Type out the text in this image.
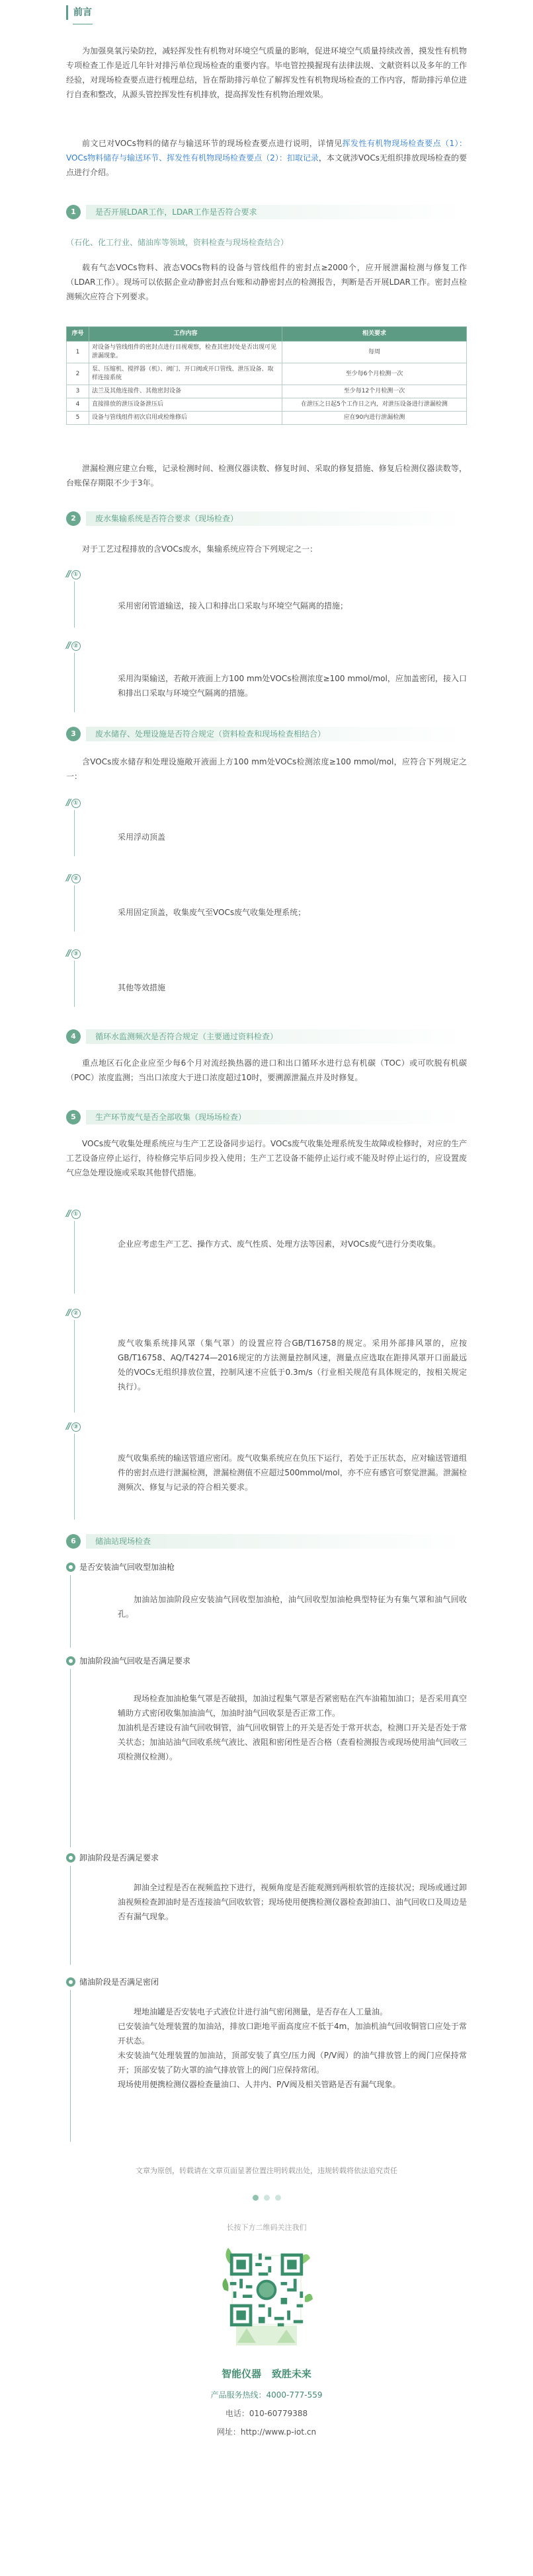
前言
为加强臭氧污染防控，减轻挥发性有机物对环境空气质量的影响，促进环境空气质量持续改善，摸发性有机物专项检查工作是近几年针对排污单位现场检查的重要内容。毕电管控摸握现有法律法规、文献资料以及多年的工作经验，对现场检查要点进行梳理总结，旨在帮助排污单位了解挥发性有机物现场检查的工作内容，帮助排污单位进行自查和整改，从源头管控挥发性有机排放，提高挥发性有机物治理效果。
前文已对VOCs物料的储存与输送环节的现场检查要点进行说明，详情见挥发性有机物现场检查要点（1）：VOCs物料储存与输送环节、挥发性有机物现场检查要点（2）：扣取记录，本文就涉VOCs无组织排放现场检查的要点进行介绍。
1	是否开展LDAR工作，LDAR工作是否符合要求
（石化、化工行业、储油库等领域，资料检查与现场检查结合）
载有气态VOCs物料、液态VOCs物料的设备与管线组件的密封点≥2000个，应开展泄漏检测与修复工作（LDAR工作）。现场可以依据企业动静密封点台账和动静密封点的检测报告，判断是否开展LDAR工作。密封点检测频次应符合下列要求。
序号	工作内容	相关要求
1	对设备与管线组件的密封点进行目视观察，检查其密封处是否出现可见泄漏现象。	每周
2	泵、压缩机、搅拌器（机）、阀门、开口阀或开口管线、泄压设备、取样连接系统	至少每6个月检测一次
3	法兰及其他连接件、其他密封设备	至少每12个月检测一次
4	直接排放的泄压设备泄压后	在泄压之日起5个工作日之内，对泄压设备进行泄漏检测
5	设备与管线组件初次启用或检维修后	应在90内进行泄漏检测
泄漏检测应建立台账，记录检测时间、检测仪器读数、修复时间、采取的修复措施、修复后检测仪器读数等，台账保存期限不少于3年。
2	废水集输系统是否符合要求（现场检查）
对于工艺过程排放的含VOCs废水，集输系统应符合下列规定之一：
// ①
采用密闭管道输送，接入口和排出口采取与环境空气隔离的措施；
// ②
采用沟渠输送，若敞开液面上方100 mm处VOCs检测浓度≥100 mmol/mol，应加盖密闭，接入口和排出口采取与环境空气隔离的措施。
3	废水储存、处理设施是否符合规定（资料检查和现场检查相结合）
含VOCs废水储存和处理设施敞开液面上方100 mm处VOCs检测浓度≥100 mmol/mol，应符合下列规定之一：
// ①
采用浮动顶盖
// ②
采用固定顶盖，收集废气至VOCs废气收集处理系统；
// ③
其他等效措施
4	循环水监测频次是否符合规定（主要通过资料检查）
重点地区石化企业应至少每6个月对流经换热器的进口和出口循环水进行总有机碳（TOC）或可吹脱有机碳（POC）浓度监测；当出口浓度大于进口浓度超过10时，要溯源泄漏点并及时修复。
5	生产环节废气是否全部收集（现场场检查）
VOCs废气收集处理系统应与生产工艺设备同步运行。VOCs废气收集处理系统发生故障或检修时，对应的生产工艺设备应停止运行，待检修完毕后同步投入使用；生产工艺设备不能停止运行或不能及时停止运行的，应设置废气应急处理设施或采取其他替代措施。
// ①
企业应考虑生产工艺、操作方式、废气性质、处理方法等因素，对VOCs废气进行分类收集。
// ②
废气收集系统排风罩（集气罩）的设置应符合GB/T16758的规定。采用外部排风罩的，应按GB/T16758、AQ/T4274—2016规定的方法测量控制风速，测量点应选取在距排风罩开口面最远处的VOCs无组织排放位置，控制风速不应低于0.3m/s（行业相关规范有具体规定的，按相关规定执行）。
// ③
废气收集系统的输送管道应密闭。废气收集系统应在负压下运行，若处于正压状态，应对输送管道组件的密封点进行泄漏检测，泄漏检测值不应超过500mmol/mol，亦不应有感官可察觉泄漏。泄漏检测频次、修复与记录的符合相关要求。
6	储油站现场检查
是否安装油气回收型加油枪
加油站加油阶段应安装油气回收型加油枪，油气回收型加油枪典型特征为有集气罩和油气回收孔。
加油阶段油气回收是否满足要求
现场检查加油枪集气罩是否破损，加油过程集气罩是否紧密贴在汽车油箱加油口；是否采用真空辅助方式密闭收集加油油气，加油时油气回收泵是否正常工作。
加油机是否建设有油气回收铜管，油气回收铜管上的开关是否处于常开状态，检测口开关是否处于常关状态；加油站油气回收系统气液比、液阻和密闭性是否合格（查看检测报告或现场使用油气回收三项检测仪检测）。
卸油阶段是否满足要求
卸油全过程是否在视频监控下进行，视频角度是否能观测到两根软管的连接状况；现场或通过卸油视频检查卸油时是否连接油气回收软管；现场使用便携检测仪器检查卸油口、油气回收口及周边是否有漏气现象。
储油阶段是否满足密闭
埋地油罐是否安装电子式液位计进行油气密闭测量，是否存在人工量油。
已安装油气处理装置的加油站，排放口距地平面高度应不低于4m，加油机油气回收铜管口应处于常开状态。
未安装油气处理装置的加油站，顶部安装了真空/压力阀（P/V阀）的油气排放管上的阀门应保持常开；顶部安装了防火罩的油气排放管上的阀门应保持常闭。
现场使用便携检测仪器检查量油口、人井内、P/V阀及相关管路是否有漏气现象。
文章为原创，转载请在文章页面显著位置注明转载出处，违规转载将依法追究责任
长按下方二维码关注我们
智能仪器 致胜未来
产品服务热线：4000-777-559
电话：010-60779388
网址：http://www.p-iot.cn
